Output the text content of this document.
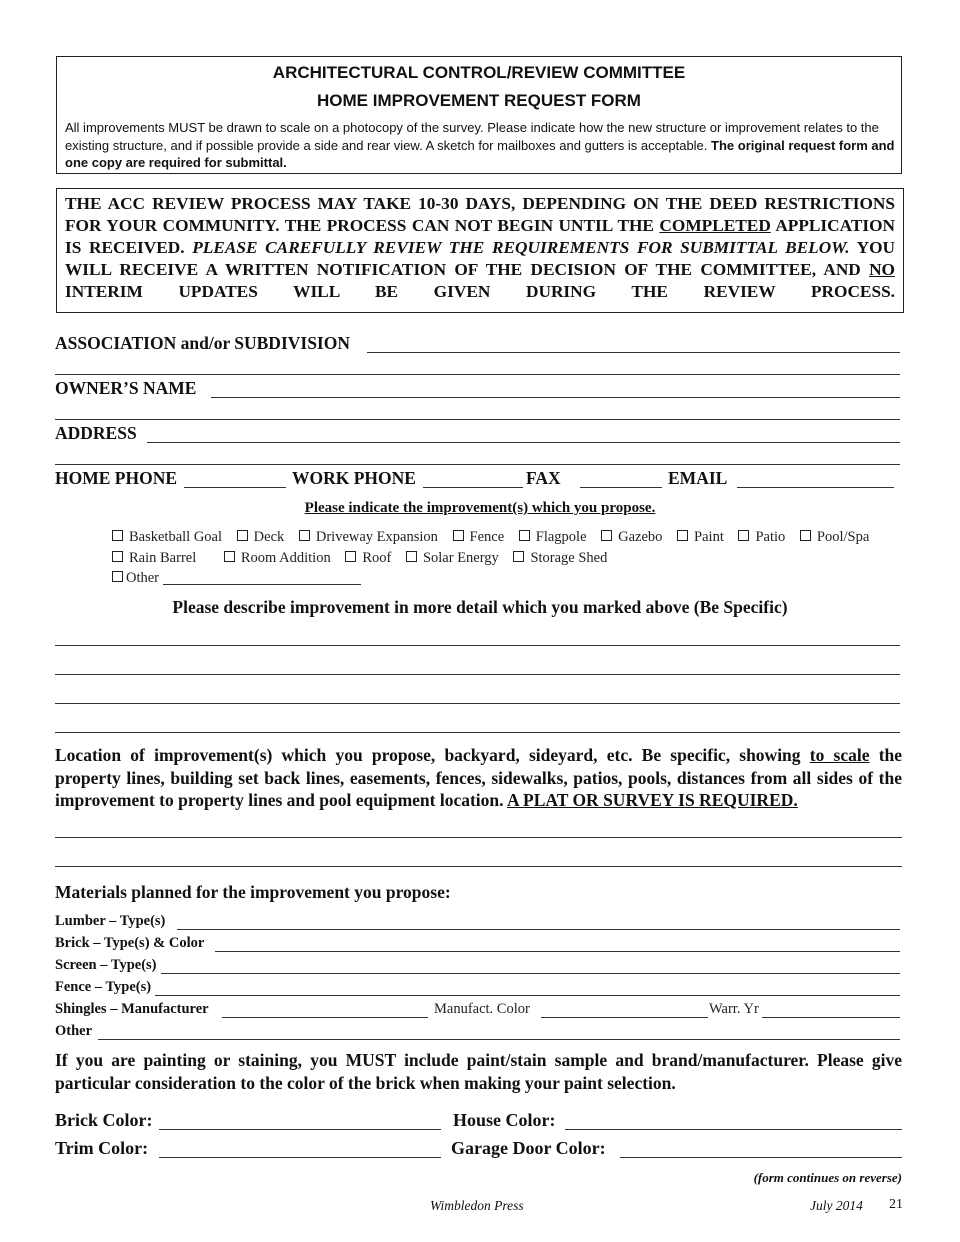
ARCHITECTURAL CONTROL/REVIEW COMMITTEE
HOME IMPROVEMENT REQUEST FORM
All improvements MUST be drawn to scale on a photocopy of the survey. Please indicate how the new structure or improvement relates to the existing structure, and if possible provide a side and rear view. A sketch for mailboxes and gutters is acceptable. The original request form and one copy are required for submittal.
THE ACC REVIEW PROCESS MAY TAKE 10-30 DAYS, DEPENDING ON THE DEED RESTRICTIONS FOR YOUR COMMUNITY. THE PROCESS CAN NOT BEGIN UNTIL THE COMPLETED APPLICATION IS RECEIVED. PLEASE CAREFULLY REVIEW THE REQUIREMENTS FOR SUBMITTAL BELOW. YOU WILL RECEIVE A WRITTEN NOTIFICATION OF THE DECISION OF THE COMMITTEE, AND NO INTERIM UPDATES WILL BE GIVEN DURING THE REVIEW PROCESS.
ASSOCIATION and/or SUBDIVISION
OWNER’S NAME
ADDRESS
HOME PHONE	WORK PHONE	FAX	EMAIL
Please indicate the improvement(s) which you propose.
Basketball Goal Deck Driveway Expansion Fence Flagpole Gazebo Paint Patio Pool/Spa
Rain Barrel	Room Addition Roof Solar Energy Storage Shed
Other
Please describe improvement in more detail which you marked above (Be Specific)
Location of improvement(s) which you propose, backyard, sideyard, etc. Be specific, showing to scale the property lines, building set back lines, easements, fences, sidewalks, patios, pools, distances from all sides of the improvement to property lines and pool equipment location. A PLAT OR SURVEY IS REQUIRED.
Materials planned for the improvement you propose:
Lumber – Type(s)
Brick – Type(s) & Color
Screen – Type(s)
Fence – Type(s)
Shingles – Manufacturer	Manufact. Color	Warr. Yr
Other
If you are painting or staining, you MUST include paint/stain sample and brand/manufacturer. Please give particular consideration to the color of the brick when making your paint selection.
Brick Color:	House Color:
Trim Color:	Garage Door Color:
(form continues on reverse)
Wimbledon Press	July 2014 21
